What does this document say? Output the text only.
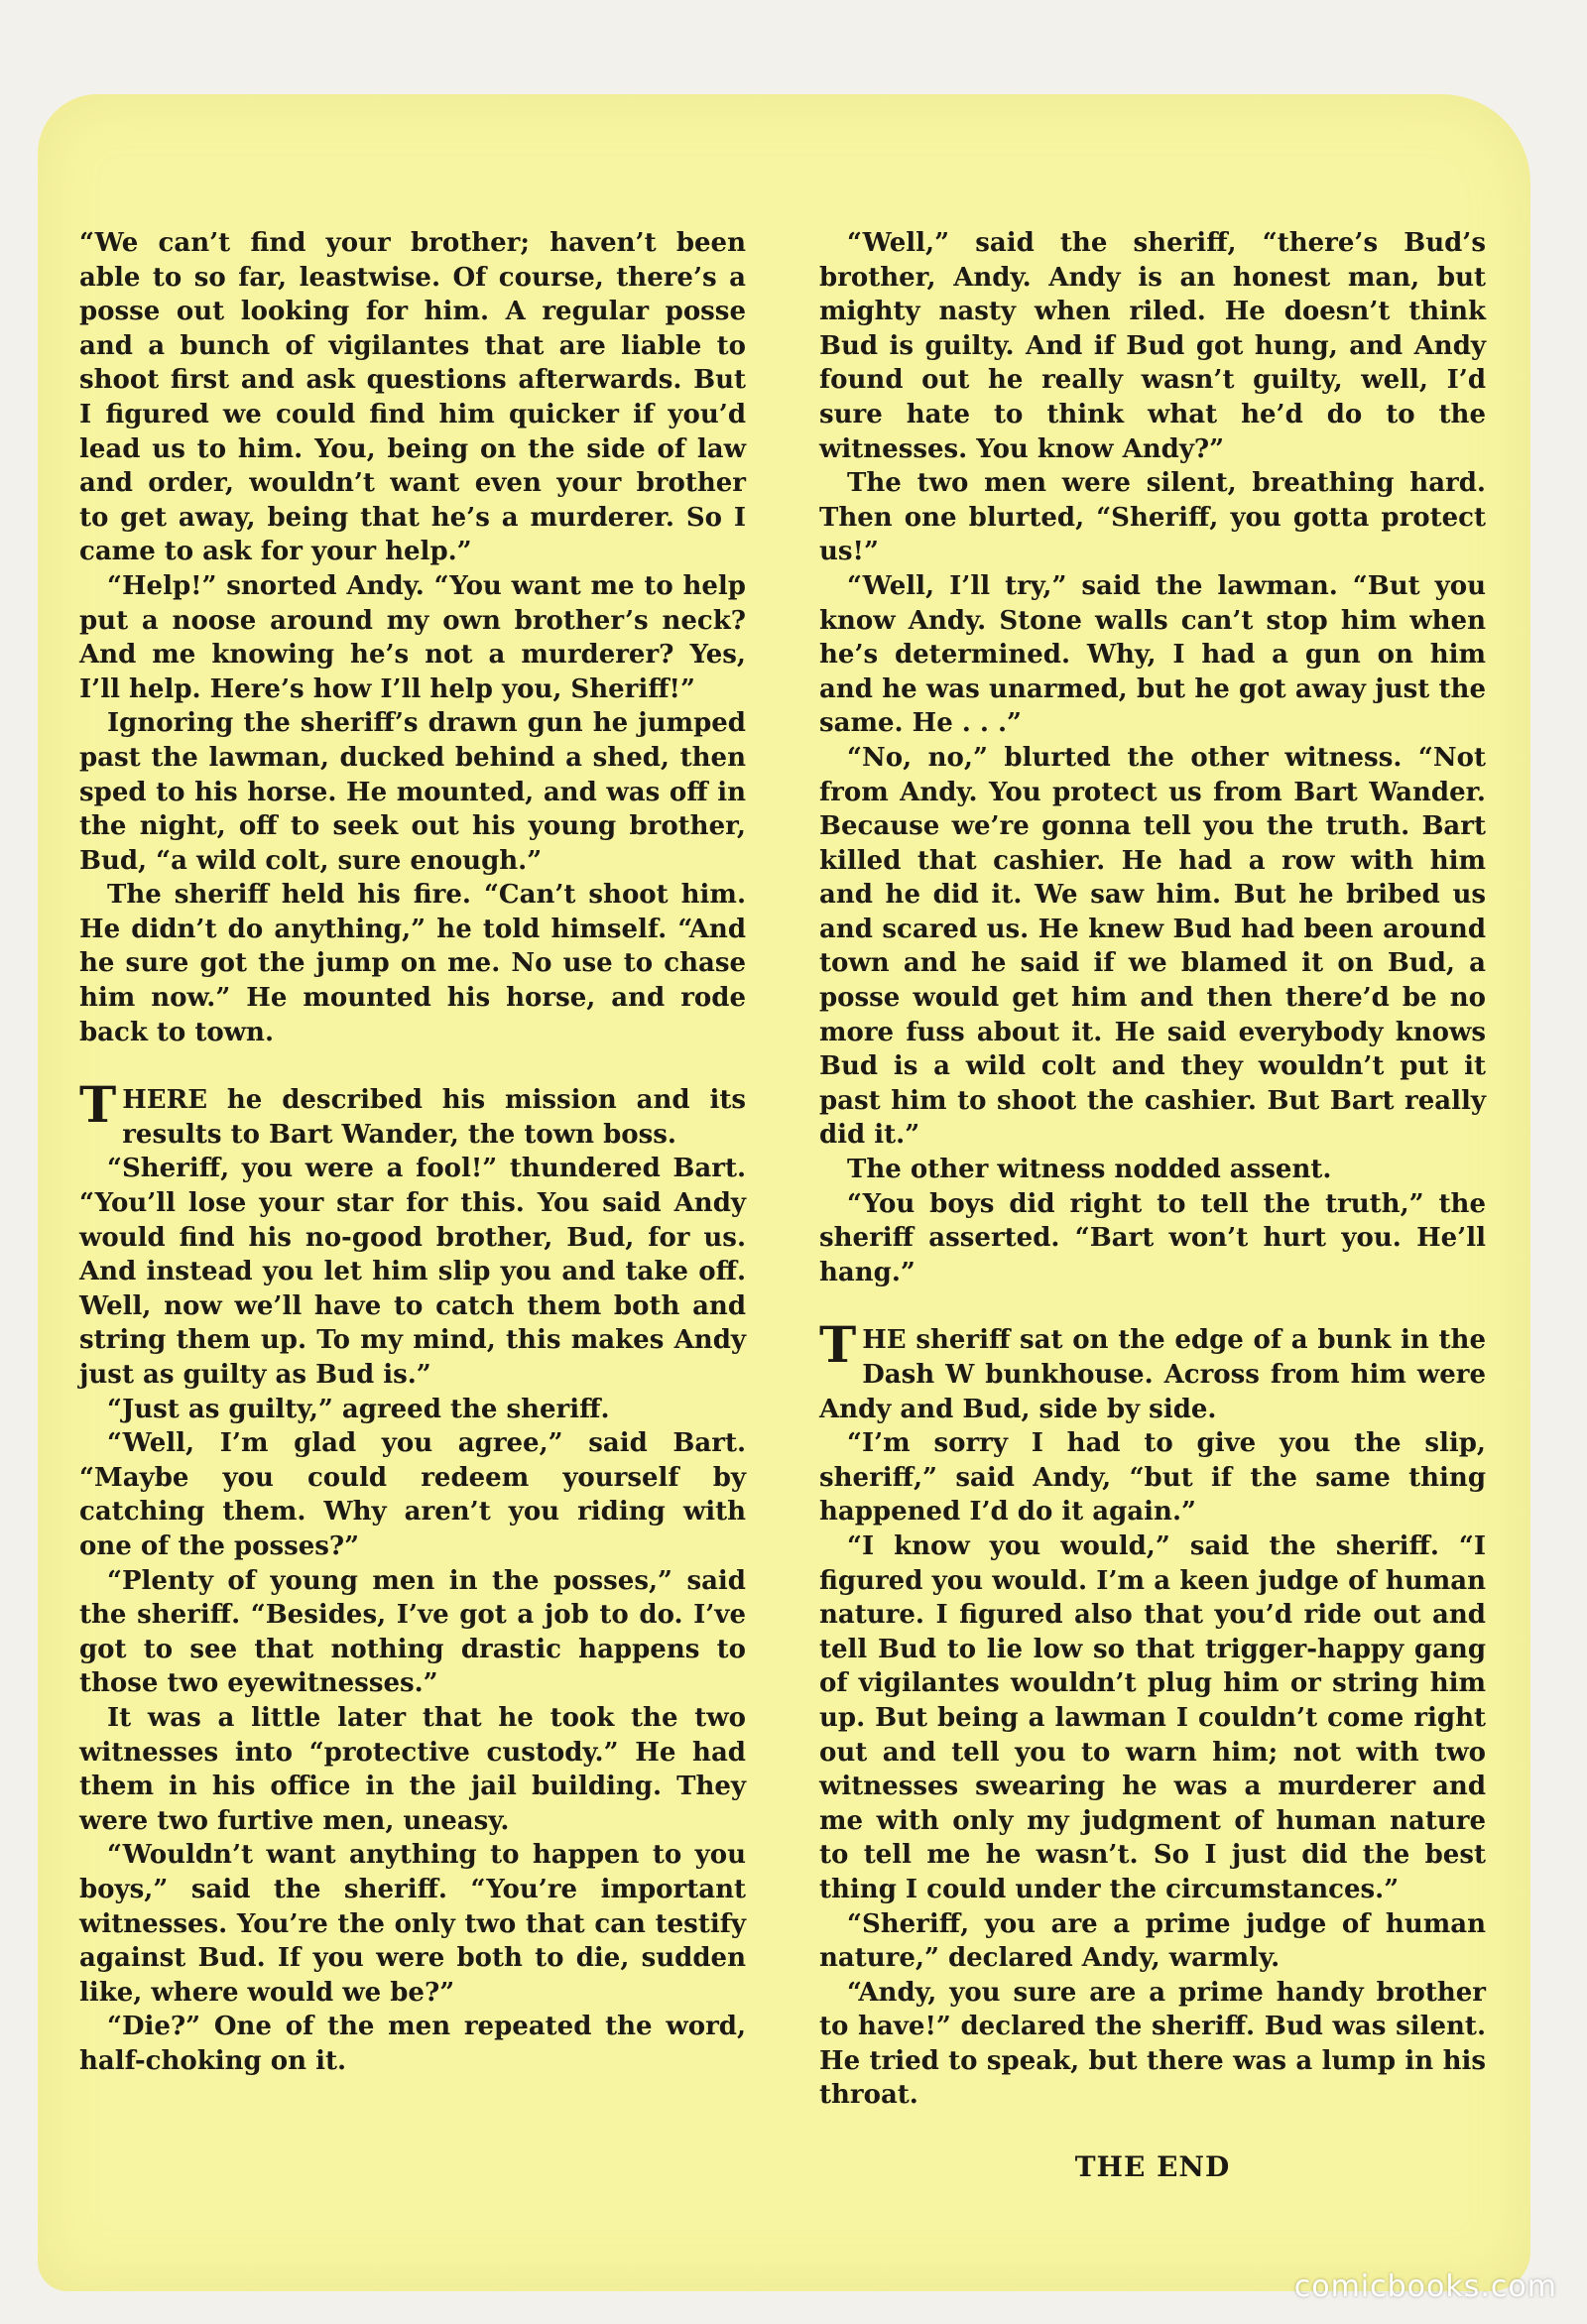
“We can’t find your brother; haven’t been able to so far, leastwise. Of course, there’s a posse out looking for him. A regular posse and a bunch of vigilantes that are liable to shoot first and ask questions afterwards. But I figured we could find him quicker if you’d lead us to him. You, being on the side of law and order, wouldn’t want even your brother to get away, being that he’s a murderer. So I came to ask for your help.”

“Help!” snorted Andy. “You want me to help put a noose around my own brother’s neck? And me knowing he’s not a murderer? Yes, I’ll help. Here’s how I’ll help you, Sheriff!”

Ignoring the sheriff’s drawn gun he jumped past the lawman, ducked behind a shed, then sped to his horse. He mounted, and was off in the night, off to seek out his young brother, Bud, “a wild colt, sure enough.”

The sheriff held his fire. “Can’t shoot him. He didn’t do anything,” he told himself. “And he sure got the jump on me. No use to chase him now.” He mounted his horse, and rode back to town.

THERE he described his mission and its results to Bart Wander, the town boss.

“Sheriff, you were a fool!” thundered Bart. “You’ll lose your star for this. You said Andy would find his no-good brother, Bud, for us. And instead you let him slip you and take off. Well, now we’ll have to catch them both and string them up. To my mind, this makes Andy just as guilty as Bud is.”

“Just as guilty,” agreed the sheriff.

“Well, I’m glad you agree,” said Bart. “Maybe you could redeem yourself by catching them. Why aren’t you riding with one of the posses?”

“Plenty of young men in the posses,” said the sheriff. “Besides, I’ve got a job to do. I’ve got to see that nothing drastic happens to those two eyewitnesses.”

It was a little later that he took the two witnesses into “protective custody.” He had them in his office in the jail building. They were two furtive men, uneasy.

“Wouldn’t want anything to happen to you boys,” said the sheriff. “You’re important witnesses. You’re the only two that can testify against Bud. If you were both to die, sudden like, where would we be?”

“Die?” One of the men repeated the word, half-choking on it.

“Well,” said the sheriff, “there’s Bud’s brother, Andy. Andy is an honest man, but mighty nasty when riled. He doesn’t think Bud is guilty. And if Bud got hung, and Andy found out he really wasn’t guilty, well, I’d sure hate to think what he’d do to the witnesses. You know Andy?”

The two men were silent, breathing hard. Then one blurted, “Sheriff, you gotta protect us!”

“Well, I’ll try,” said the lawman. “But you know Andy. Stone walls can’t stop him when he’s determined. Why, I had a gun on him and he was unarmed, but he got away just the same. He . . .”

“No, no,” blurted the other witness. “Not from Andy. You protect us from Bart Wander. Because we’re gonna tell you the truth. Bart killed that cashier. He had a row with him and he did it. We saw him. But he bribed us and scared us. He knew Bud had been around town and he said if we blamed it on Bud, a posse would get him and then there’d be no more fuss about it. He said everybody knows Bud is a wild colt and they wouldn’t put it past him to shoot the cashier. But Bart really did it.”

The other witness nodded assent.

“You boys did right to tell the truth,” the sheriff asserted. “Bart won’t hurt you. He’ll hang.”

THE sheriff sat on the edge of a bunk in the Dash W bunkhouse. Across from him were Andy and Bud, side by side.

“I’m sorry I had to give you the slip, sheriff,” said Andy, “but if the same thing happened I’d do it again.”

“I know you would,” said the sheriff. “I figured you would. I’m a keen judge of human nature. I figured also that you’d ride out and tell Bud to lie low so that trigger-happy gang of vigilantes wouldn’t plug him or string him up. But being a lawman I couldn’t come right out and tell you to warn him; not with two witnesses swearing he was a murderer and me with only my judgment of human nature to tell me he wasn’t. So I just did the best thing I could under the circumstances.”

“Sheriff, you are a prime judge of human nature,” declared Andy, warmly.

“Andy, you sure are a prime handy brother to have!” declared the sheriff. Bud was silent. He tried to speak, but there was a lump in his throat.

THE END
comicbooks.com
